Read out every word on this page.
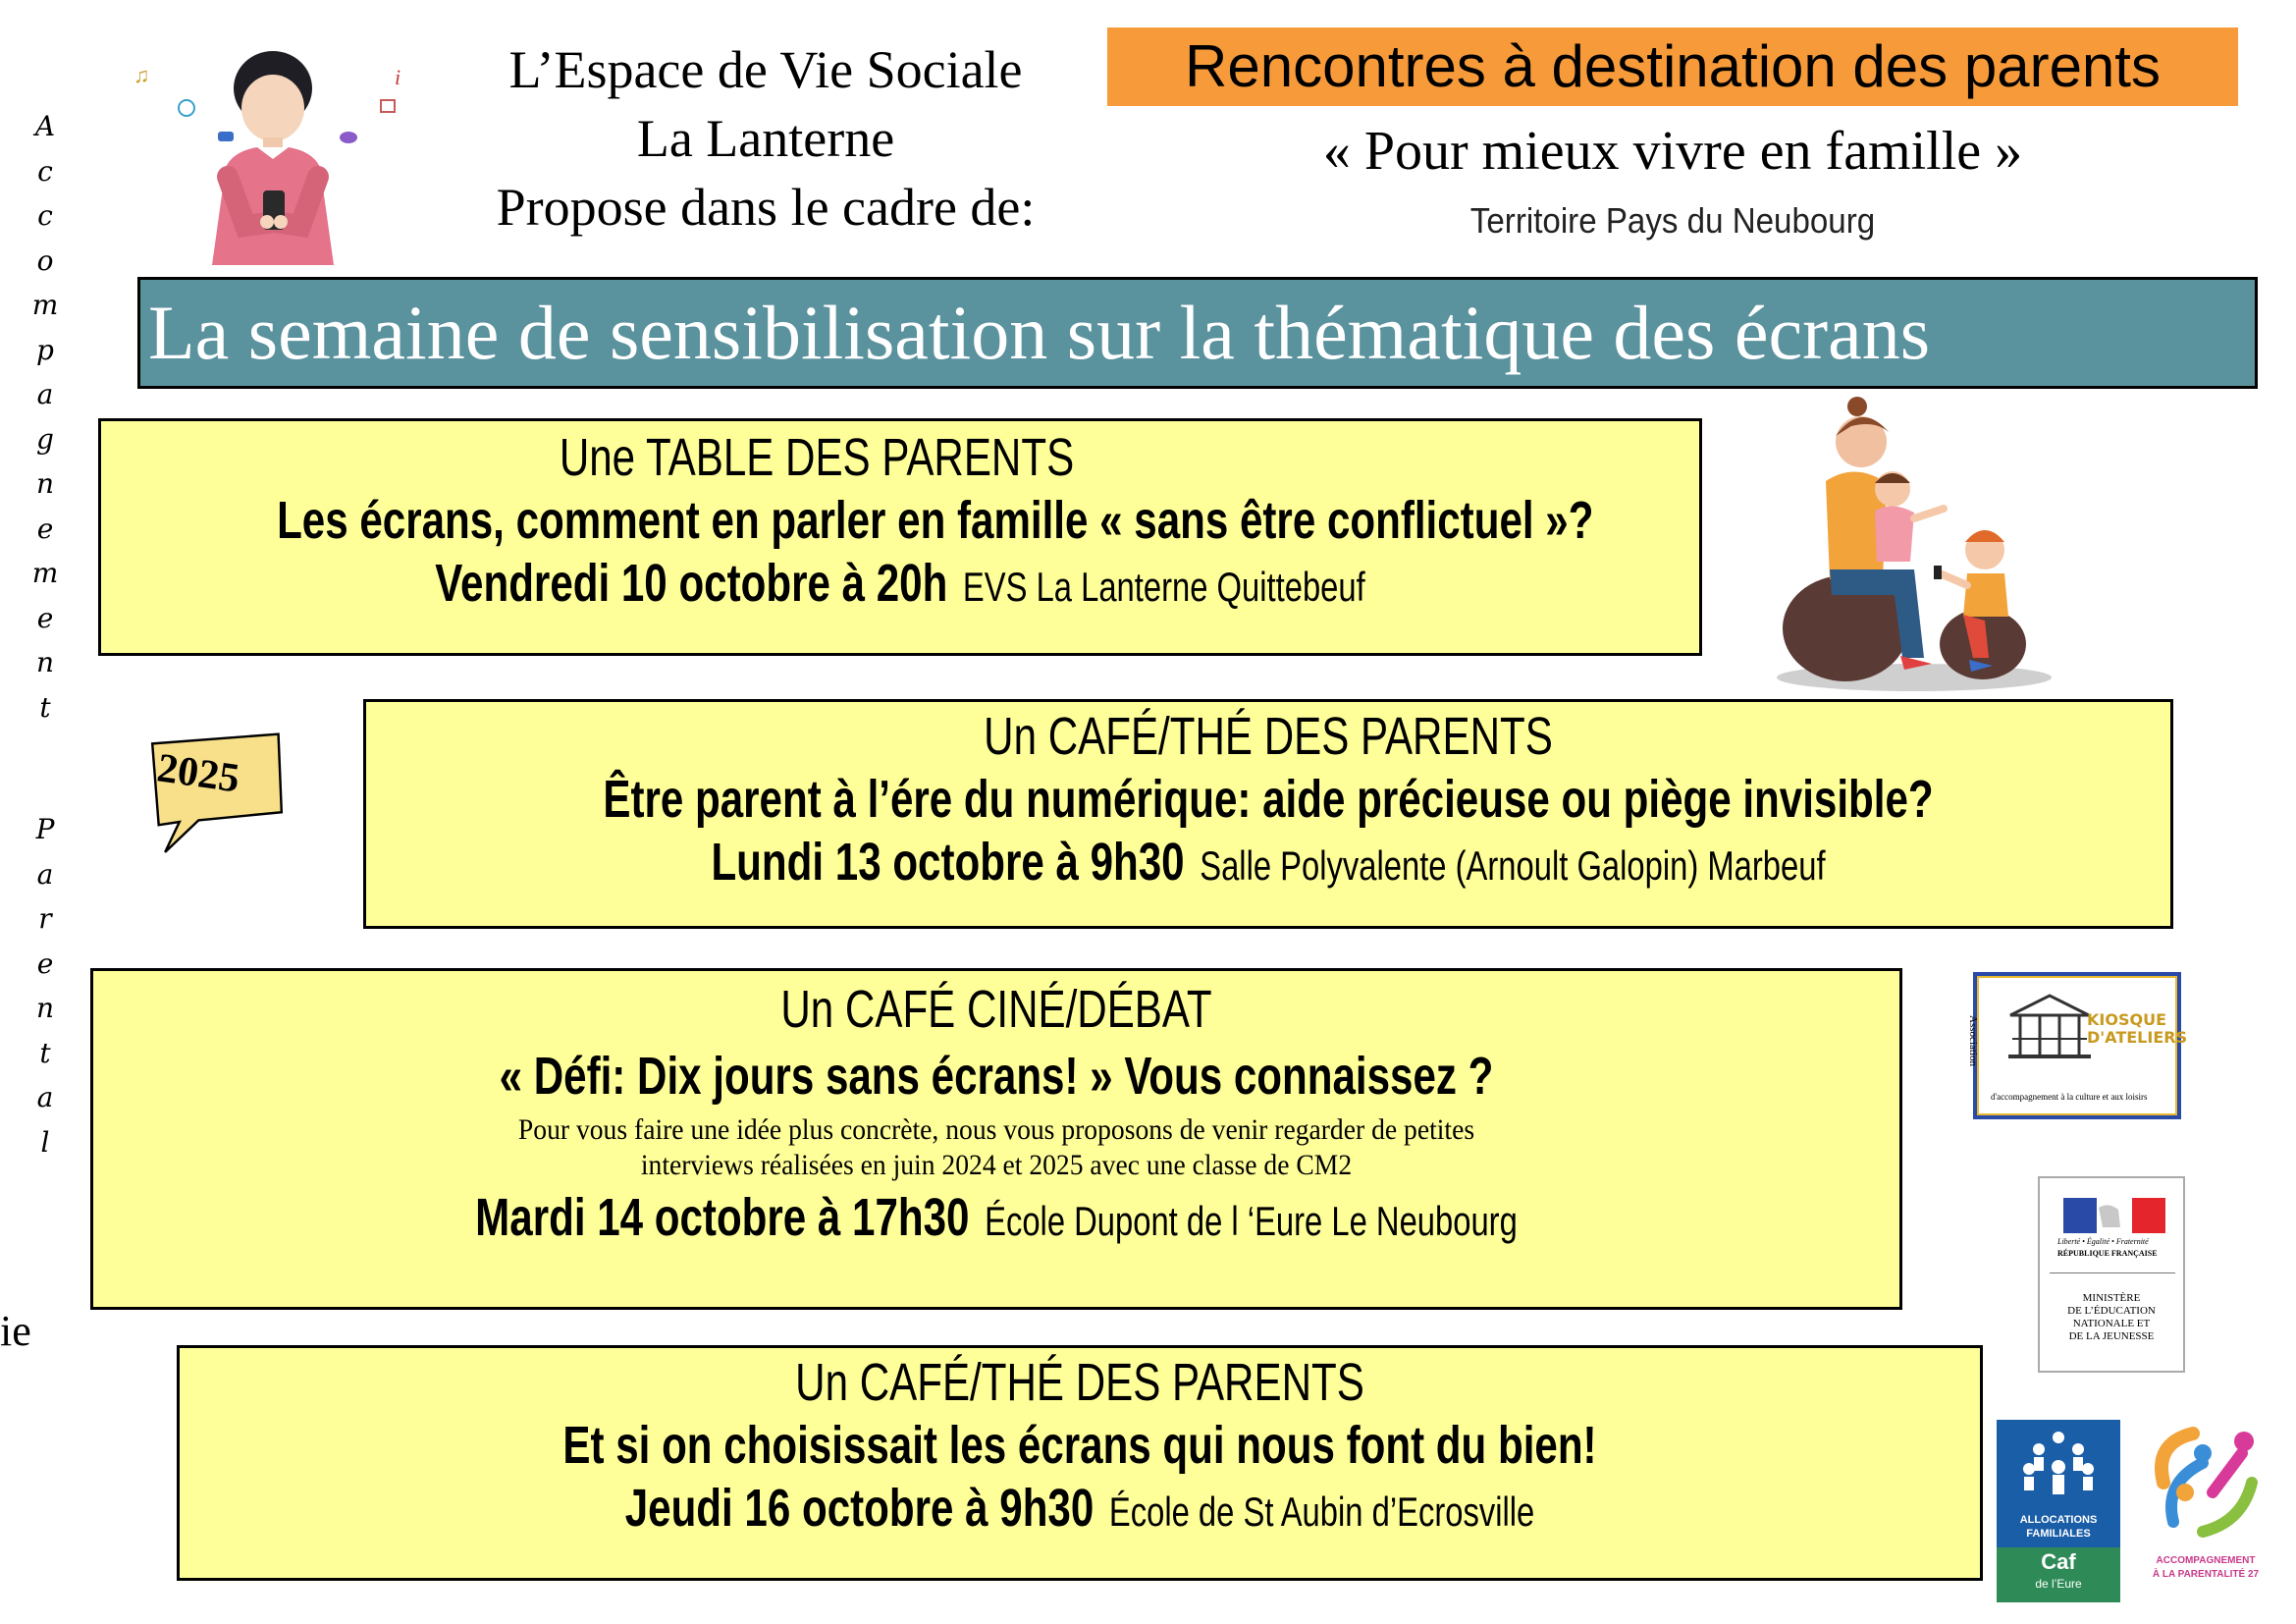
A
c
c
o
m
p
a
g
n
e
m
e
n
t
P
a
r
e
n
t
a
l
ie
♫
.
i	L’Espace de Vie Sociale
La Lanterne
Propose dans le cadre de:
Rencontres à destination des parents
« Pour mieux vivre en famille »
Territoire Pays du Neubourg
La semaine de sensibilisation sur la thématique des écrans
Une TABLE DES PARENTS
Les écrans, comment en parler en famille « sans être conflictuel »?
Vendredi 10 octobre à 20h EVS La Lanterne Quittebeuf
2025
Un CAFÉ/THÉ DES PARENTS
Être parent à l’ére du numérique: aide précieuse ou piège invisible?
Lundi 13 octobre à 9h30 Salle Polyvalente (Arnoult Galopin) Marbeuf
Un CAFÉ CINÉ/DÉBAT
« Défi: Dix jours sans écrans! » Vous connaissez ?
Pour vous faire une idée plus concrète, nous vous proposons de venir regarder de petites
interviews réalisées en juin 2024 et 2025 avec une classe de CM2
Mardi 14 octobre à 17h30 École Dupont de l ‘Eure Le Neubourg
Un CAFÉ/THÉ DES PARENTS
Et si on choisissait les écrans qui nous font du bien!
Jeudi 16 octobre à 9h30 École de St Aubin d’Ecrosville
Association	KIOSQUE D'ATELIERS
d'accompagnement à la culture et aux loisirs
Liberté • Égalité • Fraternité
RÉPUBLIQUE FRANÇAISE
MINISTÈRE
DE L’ÉDUCATION
NATIONALE ET
DE LA JEUNESSE
ALLOCATIONS
FAMILIALES
Caf
de l’Eure
ACCOMPAGNEMENT
À LA PARENTALITÉ 27
